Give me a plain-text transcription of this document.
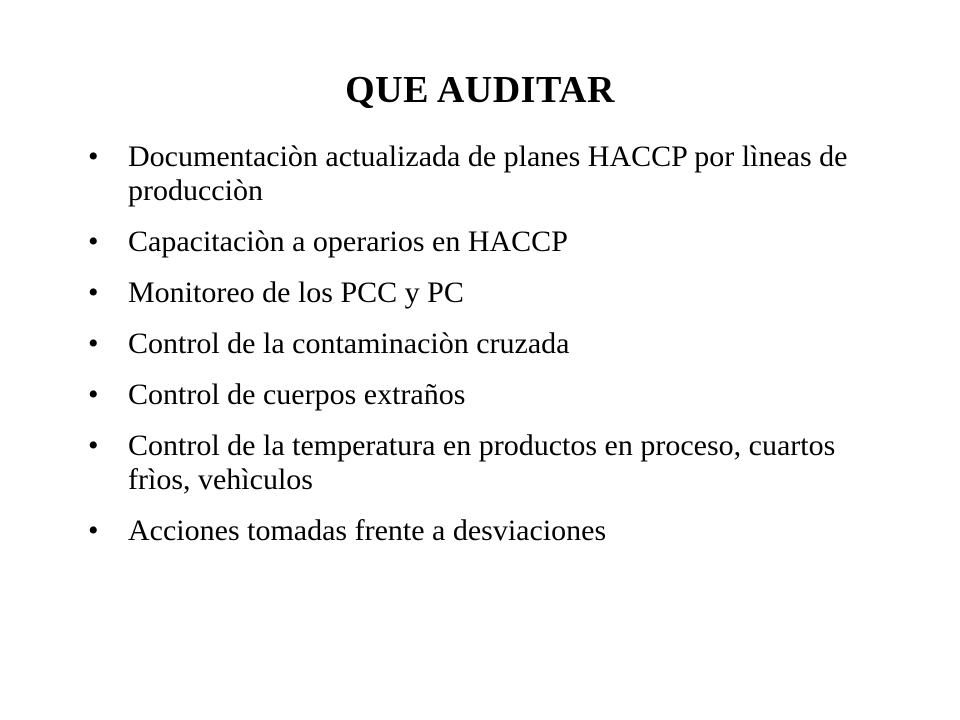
QUE AUDITAR
• Documentaciòn actualizada de planes HACCP por lìneas de producciòn
• Capacitaciòn a operarios en HACCP
• Monitoreo de los PCC y PC
• Control de la contaminaciòn cruzada
• Control de cuerpos extraños
• Control de la temperatura en productos en proceso, cuartos frìos, vehìculos
• Acciones tomadas frente a desviaciones
